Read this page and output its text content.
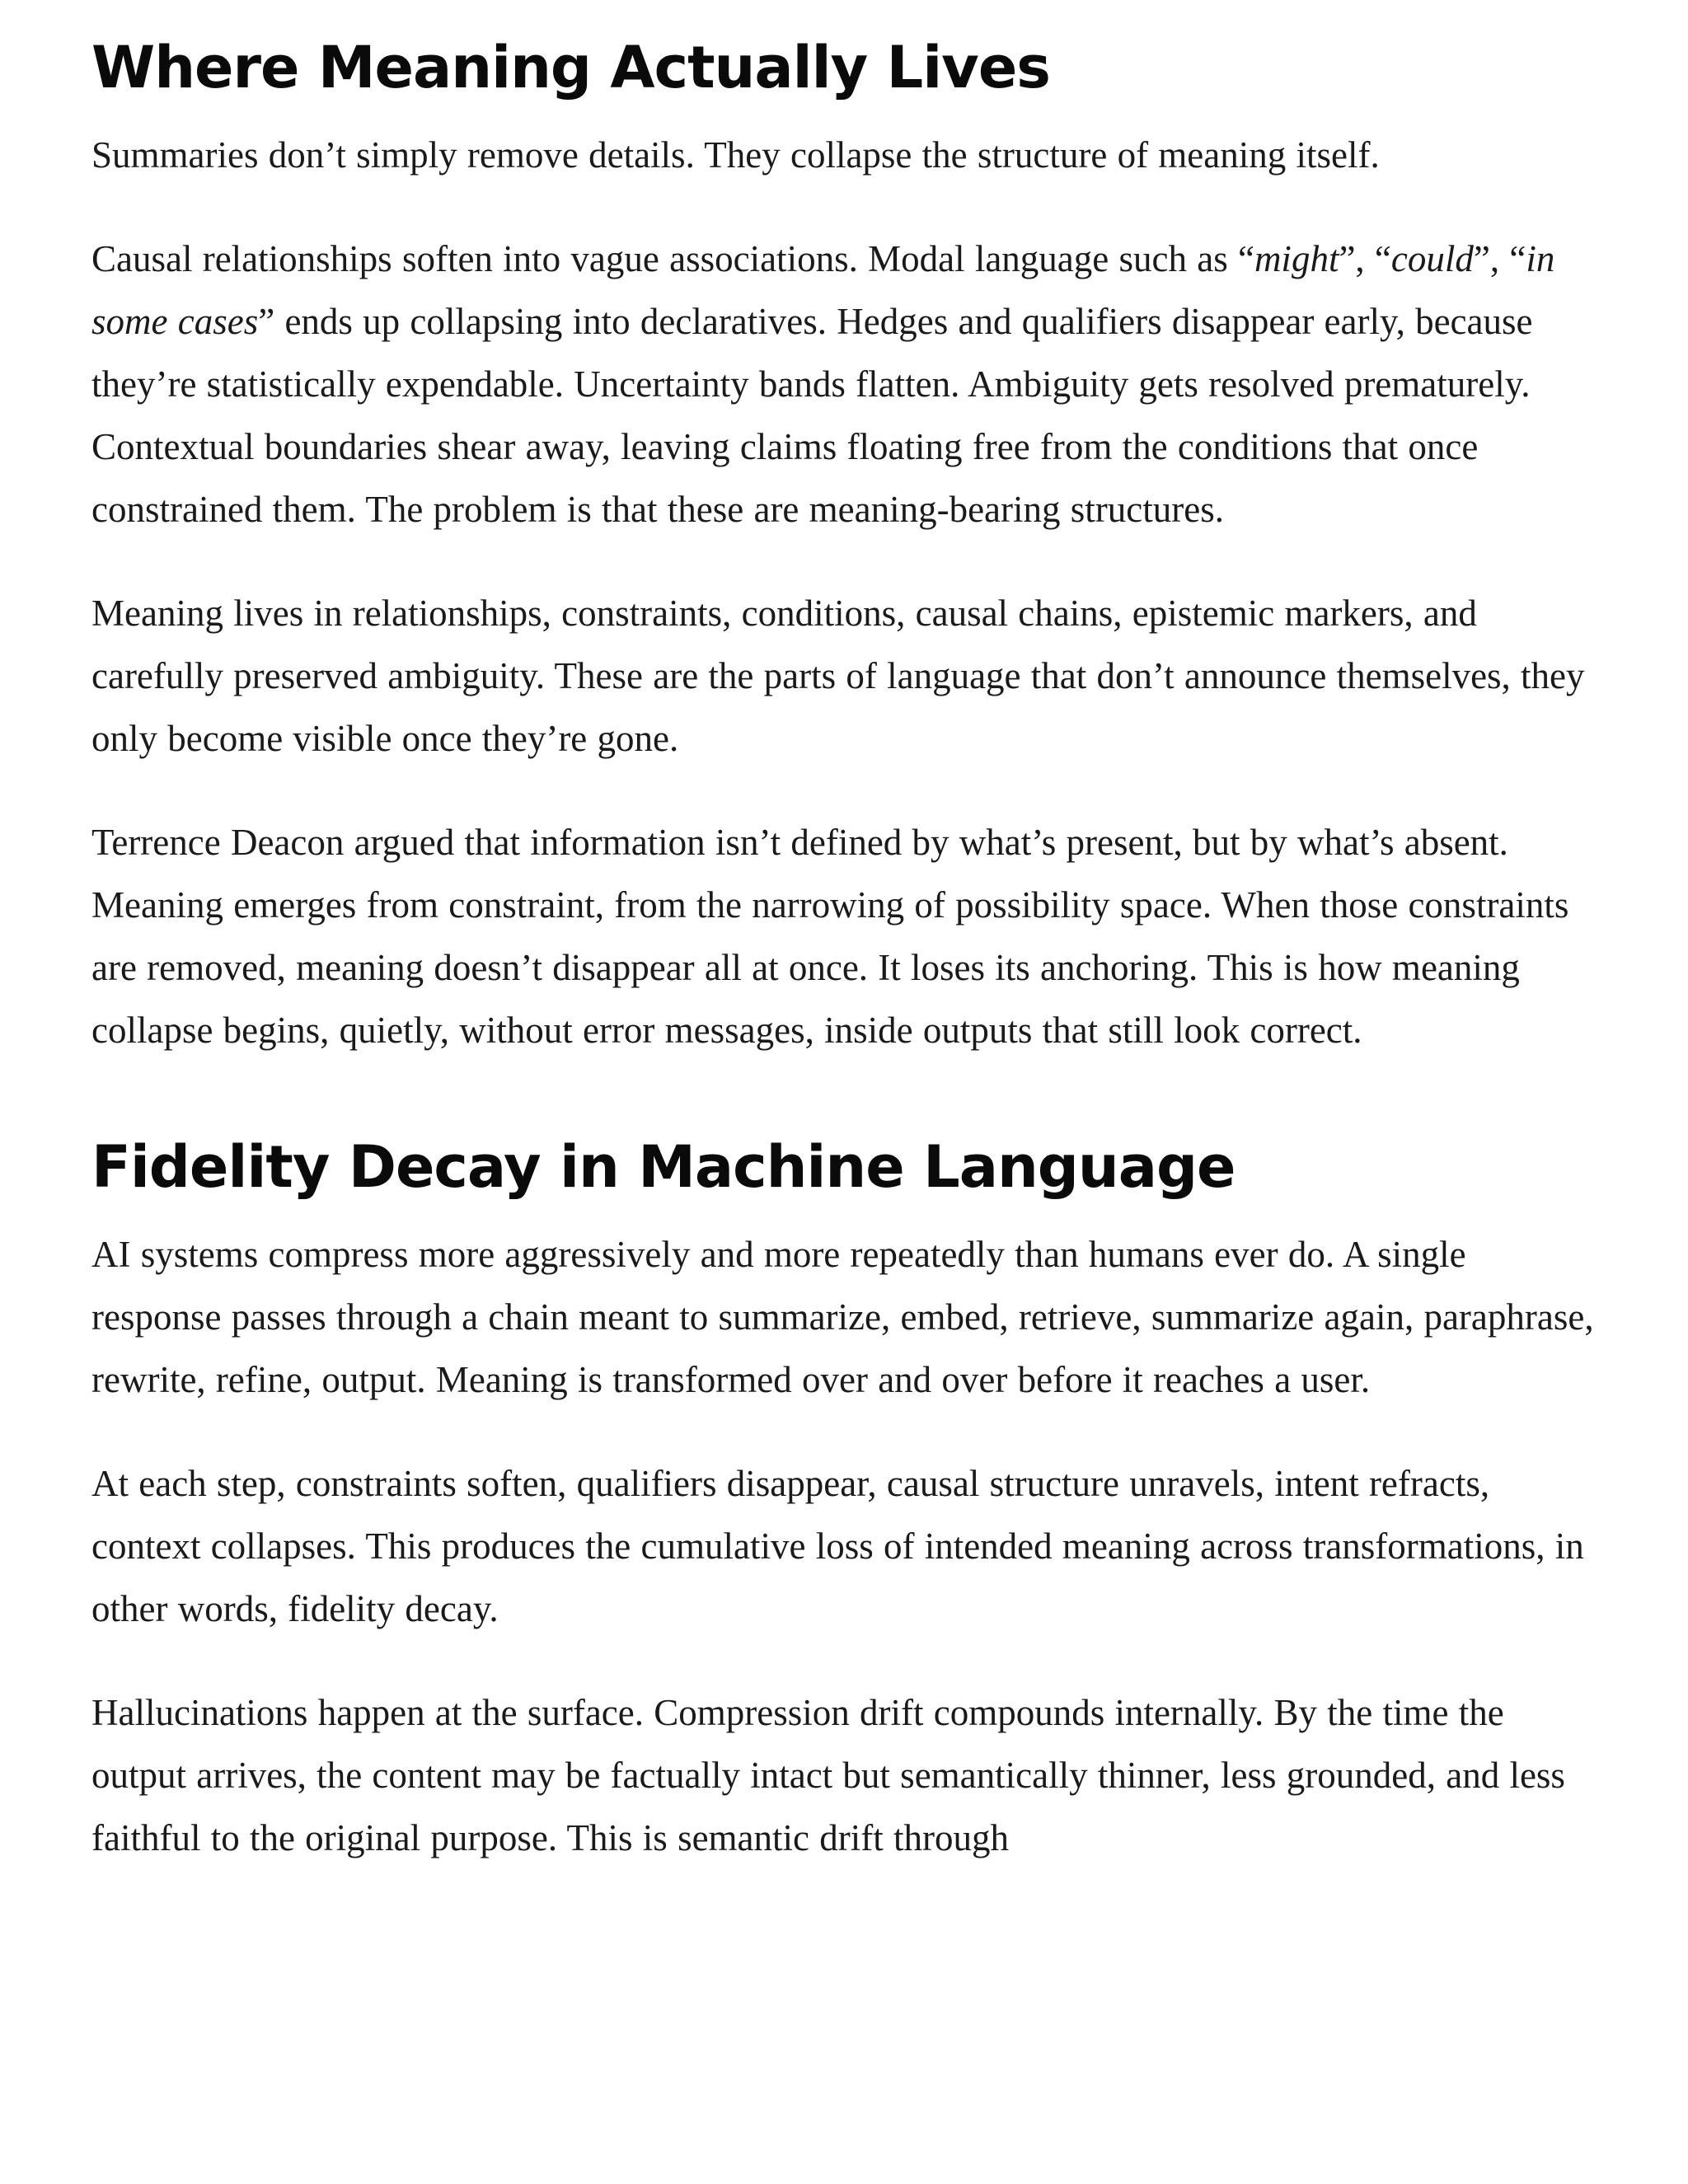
Where Meaning Actually Lives

Summaries don’t simply remove details. They collapse the structure of meaning itself.

Causal relationships soften into vague associations. Modal language such as “might”, “could”, “in some cases” ends up collapsing into declaratives. Hedges and qualifiers disappear early, because they’re statistically expendable. Uncertainty bands flatten. Ambiguity gets resolved prematurely. Contextual boundaries shear away, leaving claims floating free from the conditions that once constrained them. The problem is that these are meaning-bearing structures.

Meaning lives in relationships, constraints, conditions, causal chains, epistemic markers, and carefully preserved ambiguity. These are the parts of language that don’t announce themselves, they only become visible once they’re gone.

Terrence Deacon argued that information isn’t defined by what’s present, but by what’s absent. Meaning emerges from constraint, from the narrowing of possibility space. When those constraints are removed, meaning doesn’t disappear all at once. It loses its anchoring. This is how meaning collapse begins, quietly, without error messages, inside outputs that still look correct.

Fidelity Decay in Machine Language

AI systems compress more aggressively and more repeatedly than humans ever do. A single response passes through a chain meant to summarize, embed, retrieve, summarize again, paraphrase, rewrite, refine, output. Meaning is transformed over and over before it reaches a user.

At each step, constraints soften, qualifiers disappear, causal structure unravels, intent refracts, context collapses. This produces the cumulative loss of intended meaning across transformations, in other words, fidelity decay.

Hallucinations happen at the surface. Compression drift compounds internally. By the time the output arrives, the content may be factually intact but semantically thinner, less grounded, and less faithful to the original purpose. This is semantic drift through
